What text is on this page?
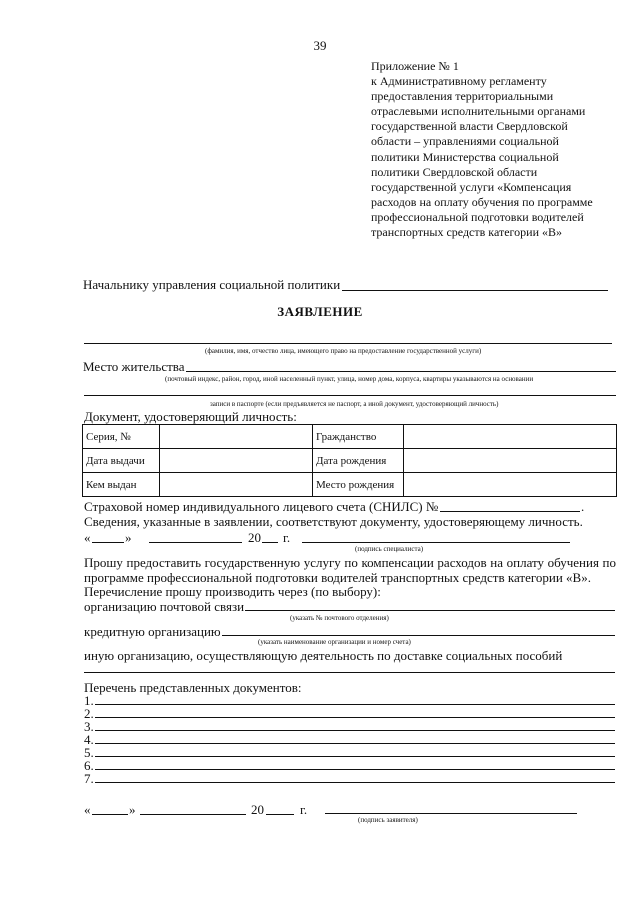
39
Приложение № 1
к Административному регламенту
предоставления территориальными
отраслевыми исполнительными органами
государственной власти Свердловской
области – управлениями социальной
политики Министерства социальной
политики Свердловской области
государственной услуги «Компенсация
расходов на оплату обучения по программе
профессиональной подготовки водителей
транспортных средств категории «В»
Начальнику управления социальной политики
ЗАЯВЛЕНИЕ
(фамилия, имя, отчество лица, имеющего право на предоставление государственной услуги)
Место жительства
(почтовый индекс, район, город, иной населенный пункт, улица, номер дома, корпуса, квартиры указываются на основании
записи в паспорте (если предъявляется не паспорт, а иной документ, удостоверяющий личность)
Документ, удостоверяющий личность:
Серия, №		Гражданство	
Дата выдачи		Дата рождения	
Кем выдан		Место рождения	
Страховой номер индивидуального лицевого счета (СНИЛС) №	.
Сведения, указанные в заявлении, соответствуют документу, удостоверяющему личность.
«	»	20 г.
(подпись специалиста)
Прошу предоставить государственную услугу по компенсации расходов на оплату обучения по программе профессиональной подготовки водителей транспортных средств категории «В».
Перечисление прошу производить через (по выбору):
организацию почтовой связи
(указать № почтового отделения)
кредитную организацию
(указать наименование организации и номер счета)
иную организацию, осуществляющую деятельность по доставке социальных пособий
Перечень представленных документов:
1.
2.
3.
4.
5.
6.
7.
«	»	20	г.
(подпись заявителя)
